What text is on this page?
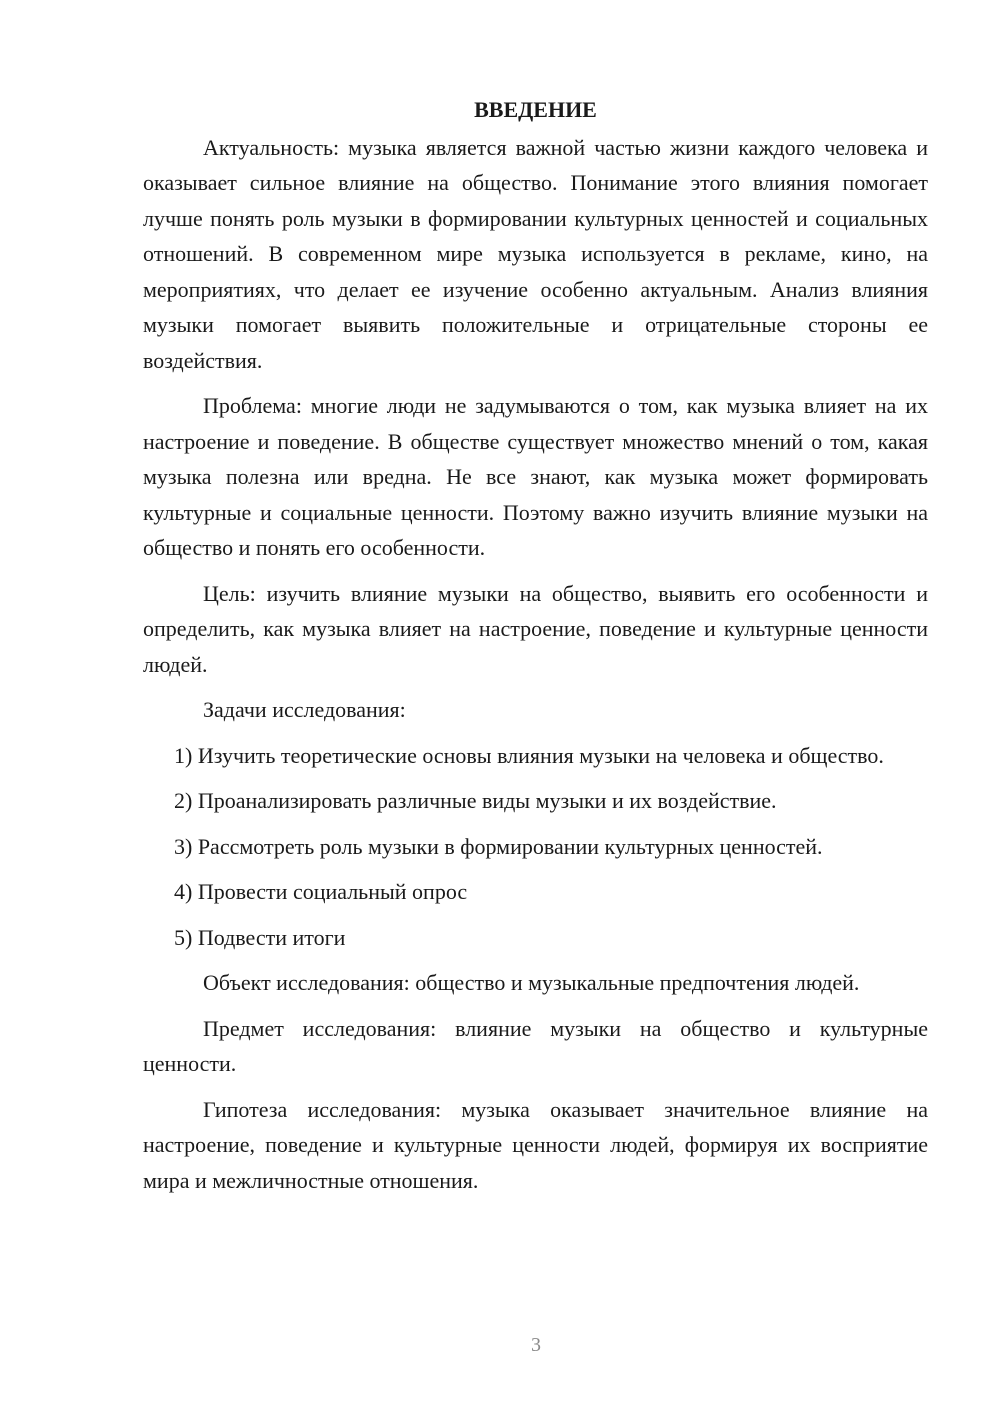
ВВЕДЕНИЕ

Актуальность: музыка является важной частью жизни каждого человека и оказывает сильное влияние на общество. Понимание этого влияния помогает лучше понять роль музыки в формировании культурных ценностей и социальных отношений. В современном мире музыка используется в рекламе, кино, на мероприятиях, что делает ее изучение особенно актуальным. Анализ влияния музыки помогает выявить положительные и отрицательные стороны ее воздействия.

Проблема: многие люди не задумываются о том, как музыка влияет на их настроение и поведение. В обществе существует множество мнений о том, какая музыка полезна или вредна. Не все знают, как музыка может формировать культурные и социальные ценности. Поэтому важно изучить влияние музыки на общество и понять его особенности.

Цель: изучить влияние музыки на общество, выявить его особенности и определить, как музыка влияет на настроение, поведение и культурные ценности людей.

Задачи исследования:

1) Изучить теоретические основы влияния музыки на человека и общество.

2) Проанализировать различные виды музыки и их воздействие.

3) Рассмотреть роль музыки в формировании культурных ценностей.

4) Провести социальный опрос

5) Подвести итоги

Объект исследования: общество и музыкальные предпочтения людей.

Предмет исследования: влияние музыки на общество и культурные ценности.

Гипотеза исследования: музыка оказывает значительное влияние на настроение, поведение и культурные ценности людей, формируя их восприятие мира и межличностные отношения.

3
